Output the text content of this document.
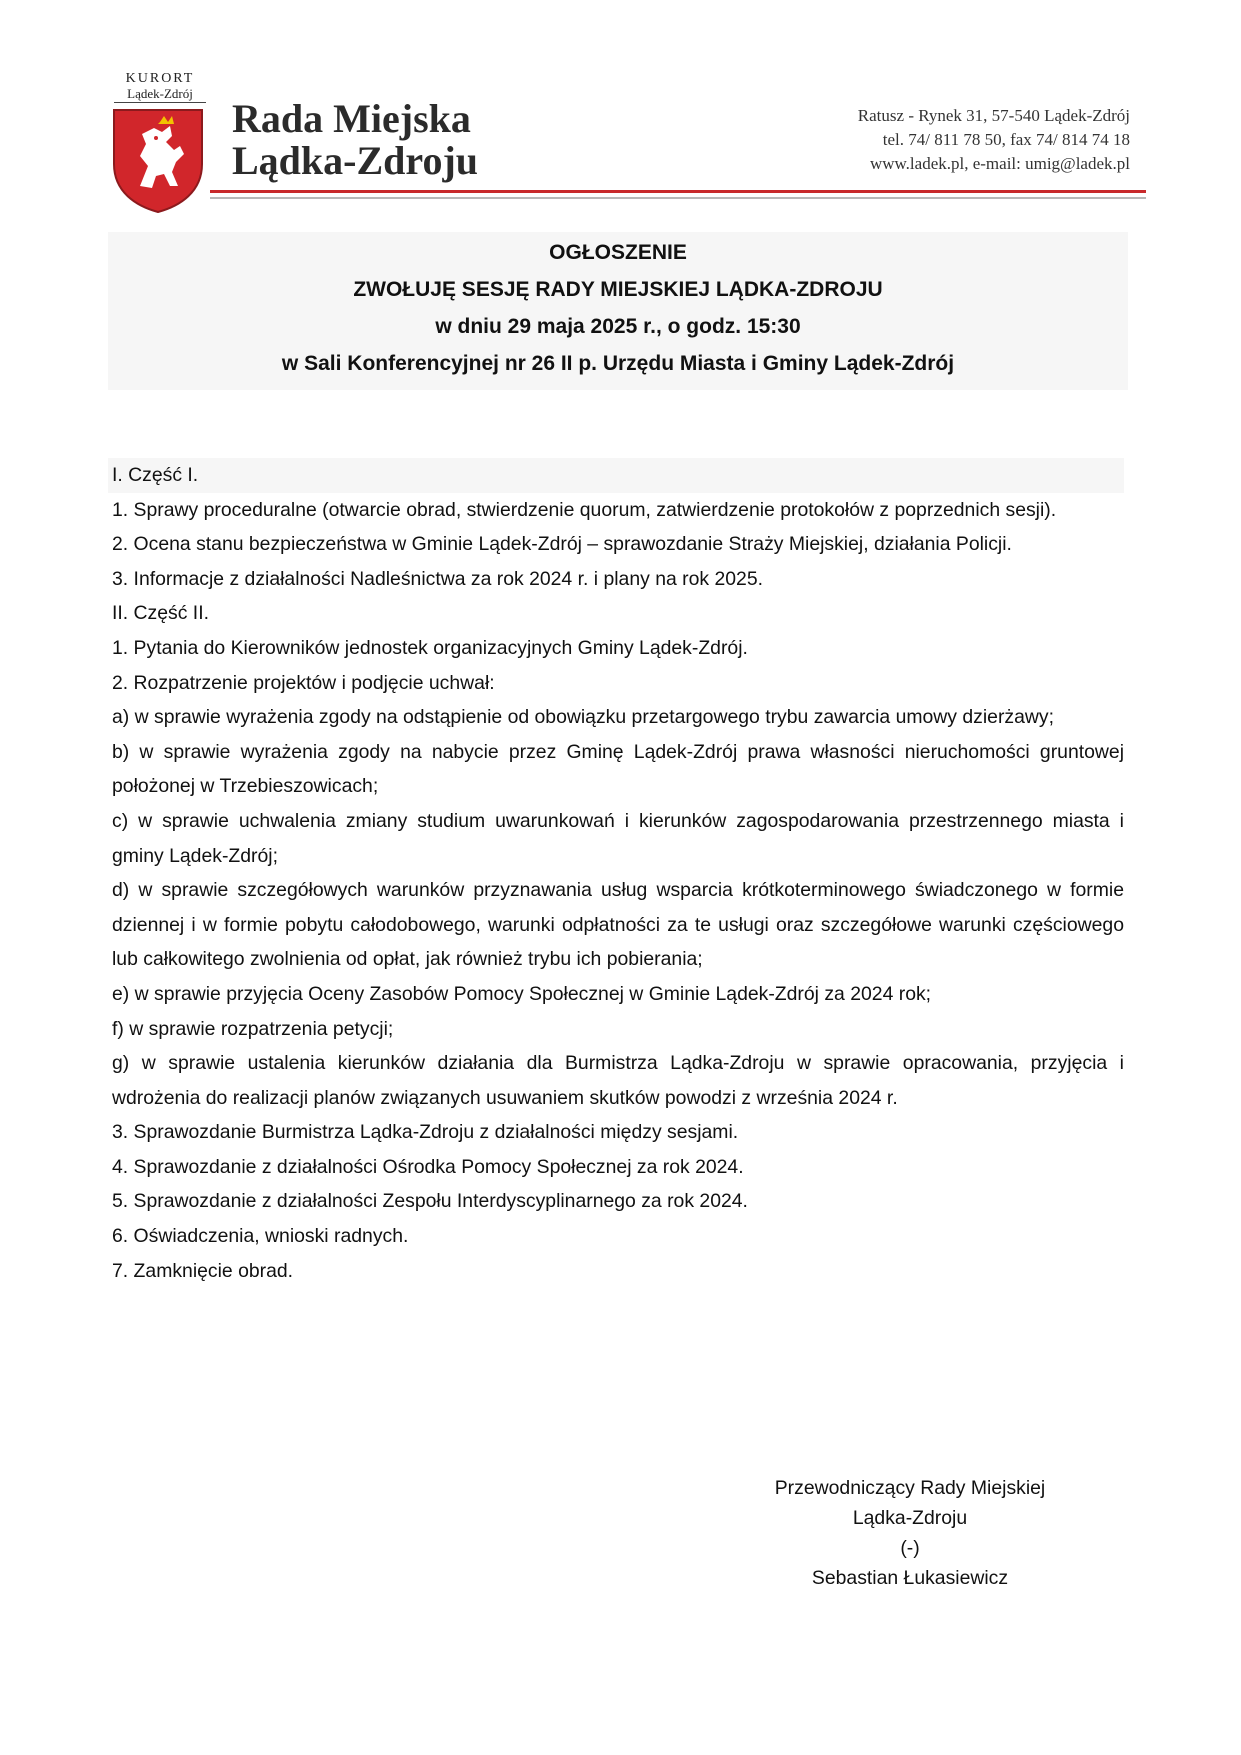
KURORT
Lądek-Zdrój
Rada Miejska
Lądka-Zdroju
Ratusz - Rynek 31, 57-540 Lądek-Zdrój
tel. 74/ 811 78 50, fax 74/ 814 74 18
www.ladek.pl, e-mail: umig@ladek.pl
OGŁOSZENIE
ZWOŁUJĘ SESJĘ RADY MIEJSKIEJ LĄDKA-ZDROJU
w dniu 29 maja 2025 r., o godz. 15:30
w Sali Konferencyjnej nr 26 II p. Urzędu Miasta i Gminy Lądek-Zdrój

I. Część I.

1. Sprawy proceduralne (otwarcie obrad, stwierdzenie quorum, zatwierdzenie protokołów z poprzednich sesji).

2. Ocena stanu bezpieczeństwa w Gminie Lądek-Zdrój – sprawozdanie Straży Miejskiej, działania Policji.

3. Informacje z działalności Nadleśnictwa za rok 2024 r. i plany na rok 2025.

II. Część II.

1. Pytania do Kierowników jednostek organizacyjnych Gminy Lądek-Zdrój.

2. Rozpatrzenie projektów i podjęcie uchwał:

a) w sprawie wyrażenia zgody na odstąpienie od obowiązku przetargowego trybu zawarcia umowy dzierżawy;

b) w sprawie wyrażenia zgody na nabycie przez Gminę Lądek-Zdrój prawa własności nieruchomości gruntowej położonej w Trzebieszowicach;

c) w sprawie uchwalenia zmiany studium uwarunkowań i kierunków zagospodarowania przestrzennego miasta i gminy Lądek-Zdrój;

d) w sprawie szczegółowych warunków przyznawania usług wsparcia krótkoterminowego świadczonego w formie dziennej i w formie pobytu całodobowego, warunki odpłatności za te usługi oraz szczegółowe warunki częściowego lub całkowitego zwolnienia od opłat, jak również trybu ich pobierania;

e) w sprawie przyjęcia Oceny Zasobów Pomocy Społecznej w Gminie Lądek-Zdrój za 2024 rok;

f) w sprawie rozpatrzenia petycji;

g) w sprawie ustalenia kierunków działania dla Burmistrza Lądka-Zdroju w sprawie opracowania, przyjęcia i wdrożenia do realizacji planów związanych usuwaniem skutków powodzi z września 2024 r.

3. Sprawozdanie Burmistrza Lądka-Zdroju z działalności między sesjami.

4. Sprawozdanie z działalności Ośrodka Pomocy Społecznej za rok 2024.

5. Sprawozdanie z działalności Zespołu Interdyscyplinarnego za rok 2024.

6. Oświadczenia, wnioski radnych.

7. Zamknięcie obrad.

Przewodniczący Rady Miejskiej
Lądka-Zdroju
(-)
Sebastian Łukasiewicz
